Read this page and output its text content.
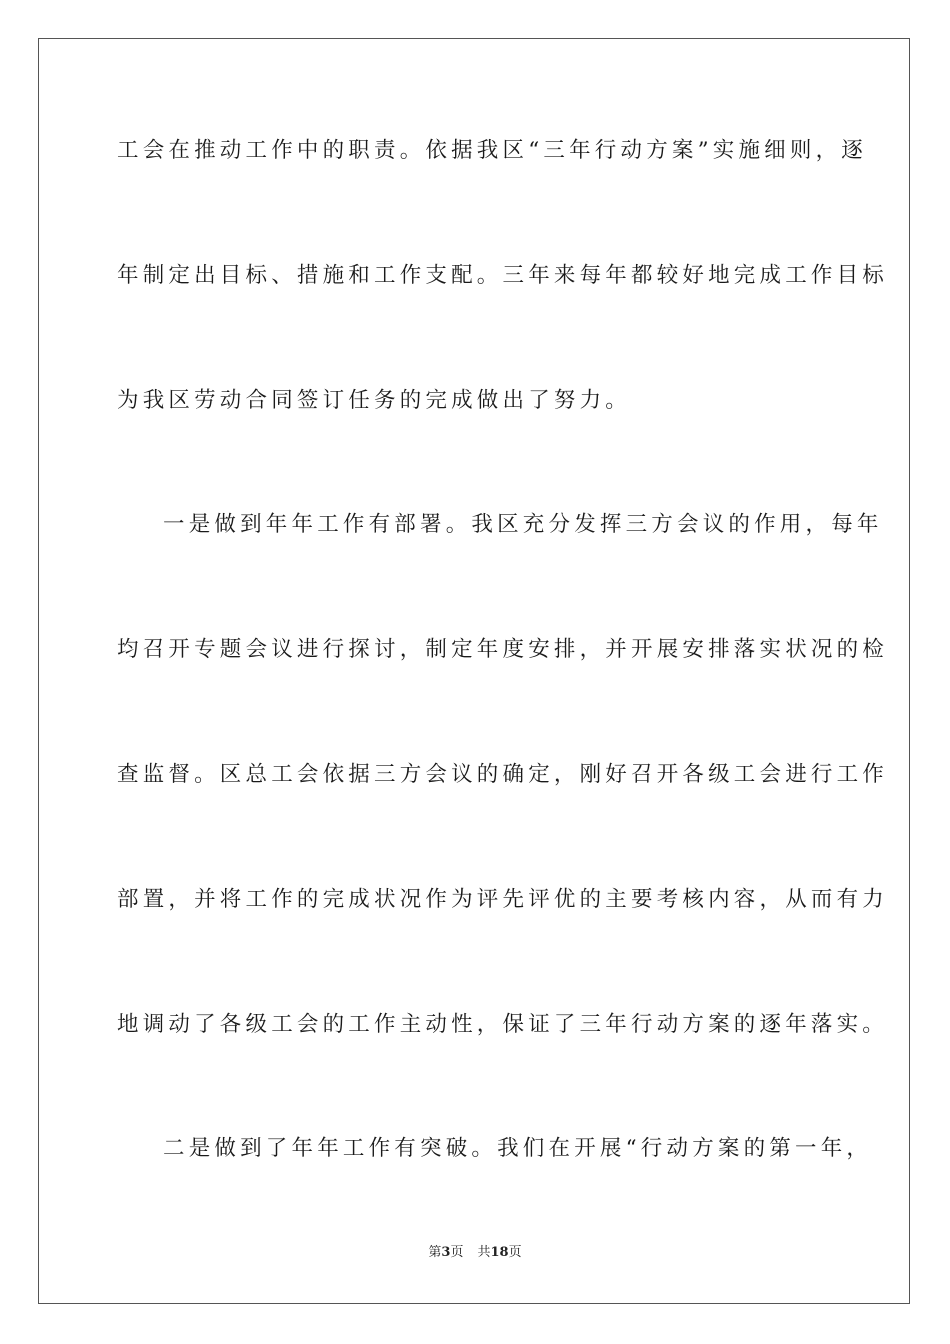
工会在推动工作中的职责。依据我区“三年行动方案”实施细则，逐
年制定出目标、措施和工作支配。三年来每年都较好地完成工作目标
为我区劳动合同签订任务的完成做出了努力。
一是做到年年工作有部署。我区充分发挥三方会议的作用，每年
均召开专题会议进行探讨，制定年度安排，并开展安排落实状况的检
查监督。区总工会依据三方会议的确定，刚好召开各级工会进行工作
部置，并将工作的完成状况作为评先评优的主要考核内容，从而有力
地调动了各级工会的工作主动性，保证了三年行动方案的逐年落实。
二是做到了年年工作有突破。我们在开展“行动方案的第一年，
第3页 共18页
